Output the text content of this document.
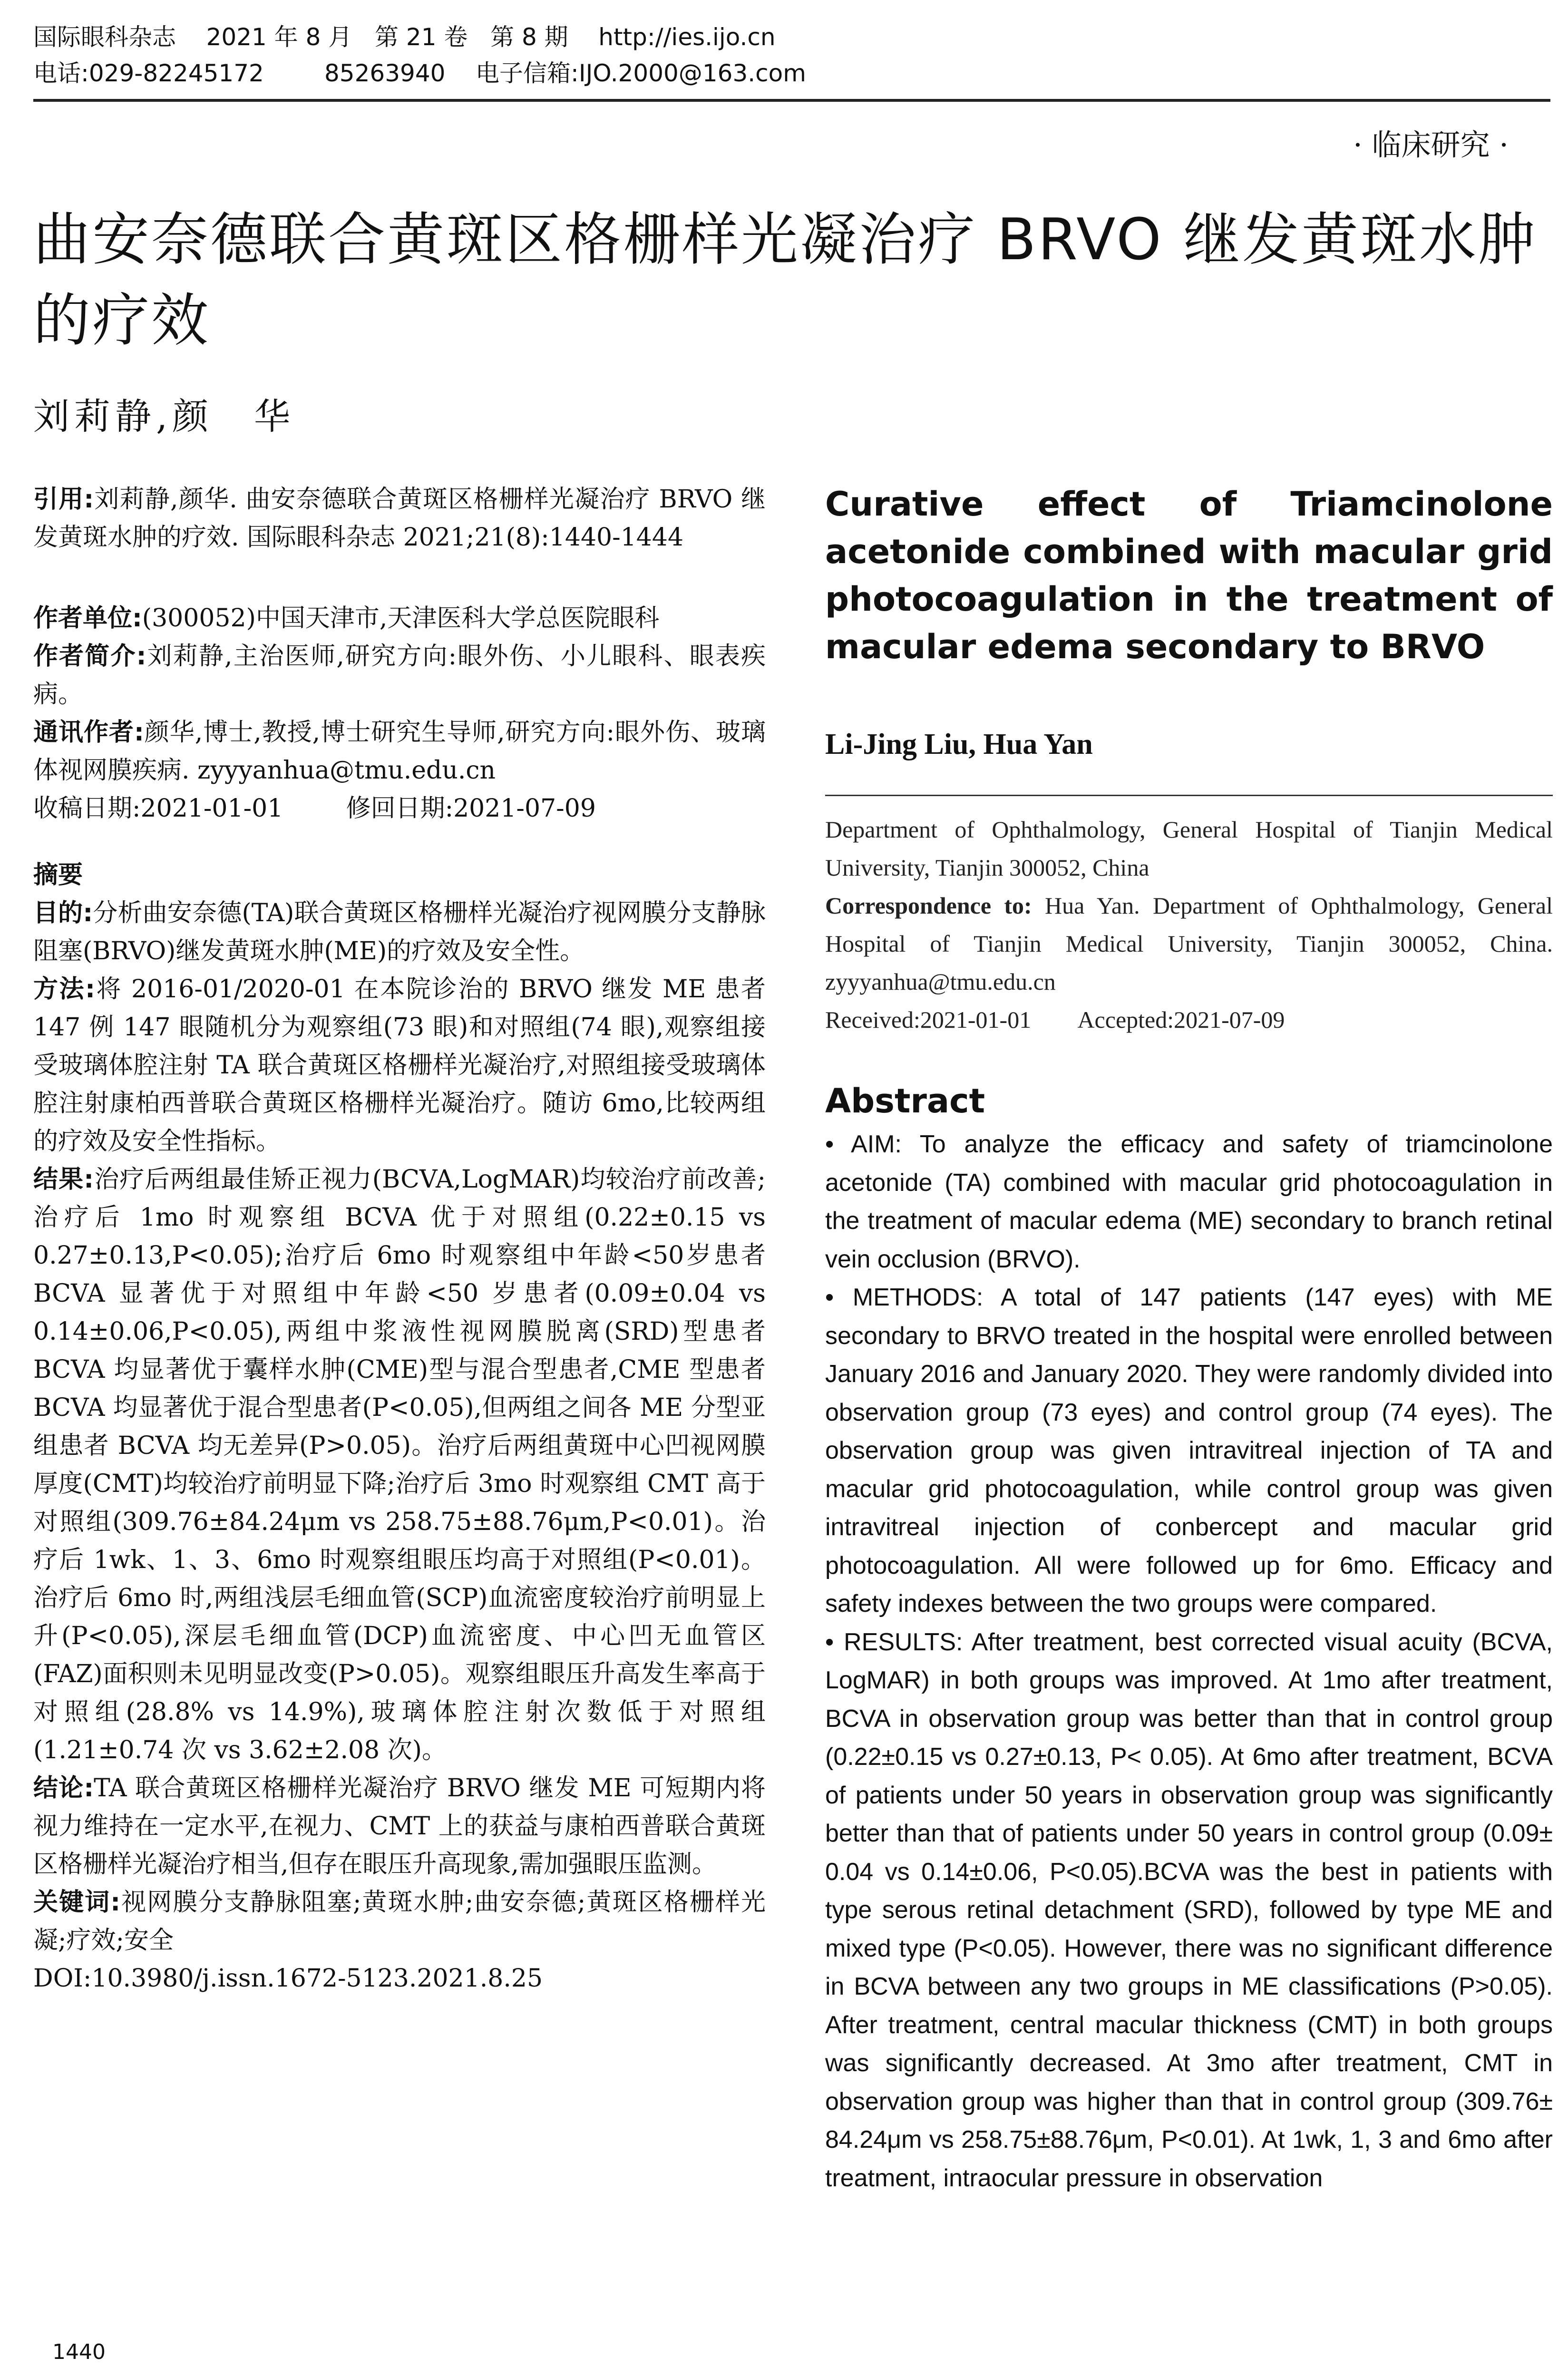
国际眼科杂志    2021 年 8 月   第 21 卷   第 8 期    http://ies.ijo.cn
电话:029-82245172        85263940    电子信箱:IJO.2000@163.com
· 临床研究 ·
曲安奈德联合黄斑区格栅样光凝治疗 BRVO 继发黄斑水肿的疗效
刘莉静,颜　华
引用:刘莉静,颜华. 曲安奈德联合黄斑区格栅样光凝治疗 BRVO 继发黄斑水肿的疗效. 国际眼科杂志 2021;21(8):1440-1444
作者单位:(300052)中国天津市,天津医科大学总医院眼科
作者简介:刘莉静,主治医师,研究方向:眼外伤、小儿眼科、眼表疾病。
通讯作者:颜华,博士,教授,博士研究生导师,研究方向:眼外伤、玻璃体视网膜疾病. zyyyanhua@tmu.edu.cn
收稿日期:2021-01-01        修回日期:2021-07-09
摘要
目的:分析曲安奈德(TA)联合黄斑区格栅样光凝治疗视网膜分支静脉阻塞(BRVO)继发黄斑水肿(ME)的疗效及安全性。
方法:将 2016-01/2020-01 在本院诊治的 BRVO 继发 ME 患者 147 例 147 眼随机分为观察组(73 眼)和对照组(74 眼),观察组接受玻璃体腔注射 TA 联合黄斑区格栅样光凝治疗,对照组接受玻璃体腔注射康柏西普联合黄斑区格栅样光凝治疗。随访 6mo,比较两组的疗效及安全性指标。
结果:治疗后两组最佳矫正视力(BCVA,LogMAR)均较治疗前改善;治疗后 1mo 时观察组 BCVA 优于对照组(0.22±0.15 vs 0.27±0.13,P<0.05);治疗后 6mo 时观察组中年龄<50岁患者 BCVA 显著优于对照组中年龄<50 岁患者(0.09±0.04 vs 0.14±0.06,P<0.05),两组中浆液性视网膜脱离(SRD)型患者 BCVA 均显著优于囊样水肿(CME)型与混合型患者,CME 型患者 BCVA 均显著优于混合型患者(P<0.05),但两组之间各 ME 分型亚组患者 BCVA 均无差异(P>0.05)。治疗后两组黄斑中心凹视网膜厚度(CMT)均较治疗前明显下降;治疗后 3mo 时观察组 CMT 高于对照组(309.76±84.24μm vs 258.75±88.76μm,P<0.01)。治疗后 1wk、1、3、6mo 时观察组眼压均高于对照组(P<0.01)。治疗后 6mo 时,两组浅层毛细血管(SCP)血流密度较治疗前明显上升(P<0.05),深层毛细血管(DCP)血流密度、中心凹无血管区(FAZ)面积则未见明显改变(P>0.05)。观察组眼压升高发生率高于对照组(28.8% vs 14.9%),玻璃体腔注射次数低于对照组(1.21±0.74 次 vs 3.62±2.08 次)。
结论:TA 联合黄斑区格栅样光凝治疗 BRVO 继发 ME 可短期内将视力维持在一定水平,在视力、CMT 上的获益与康柏西普联合黄斑区格栅样光凝治疗相当,但存在眼压升高现象,需加强眼压监测。
关键词:视网膜分支静脉阻塞;黄斑水肿;曲安奈德;黄斑区格栅样光凝;疗效;安全
DOI:10.3980/j.issn.1672-5123.2021.8.25
Curative effect of Triamcinolone acetonide combined with macular grid photocoagulation in the treatment of macular edema secondary to BRVO
Li-Jing Liu, Hua Yan
Department of Ophthalmology, General Hospital of Tianjin Medical University, Tianjin 300052, China
Correspondence to: Hua Yan. Department of Ophthalmology, General Hospital of Tianjin Medical University, Tianjin 300052, China. zyyyanhua@tmu.edu.cn
Received:2021-01-01        Accepted:2021-07-09
Abstract
• AIM: To analyze the efficacy and safety of triamcinolone acetonide (TA) combined with macular grid photocoagulation in the treatment of macular edema (ME) secondary to branch retinal vein occlusion (BRVO).
• METHODS: A total of 147 patients (147 eyes) with ME secondary to BRVO treated in the hospital were enrolled between January 2016 and January 2020. They were randomly divided into observation group (73 eyes) and control group (74 eyes). The observation group was given intravitreal injection of TA and macular grid photocoagulation, while control group was given intravitreal injection of conbercept and macular grid photocoagulation. All were followed up for 6mo. Efficacy and safety indexes between the two groups were compared.
• RESULTS: After treatment, best corrected visual acuity (BCVA, LogMAR) in both groups was improved. At 1mo after treatment, BCVA in observation group was better than that in control group (0.22±0.15 vs 0.27±0.13, P< 0.05). At 6mo after treatment, BCVA of patients under 50 years in observation group was significantly better than that of patients under 50 years in control group (0.09± 0.04 vs 0.14±0.06, P<0.05).BCVA was the best in patients with type serous retinal detachment (SRD), followed by type ME and mixed type (P<0.05). However, there was no significant difference in BCVA between any two groups in ME classifications (P>0.05). After treatment, central macular thickness (CMT) in both groups was significantly decreased. At 3mo after treatment, CMT in observation group was higher than that in control group (309.76± 84.24μm vs 258.75±88.76μm, P<0.01). At 1wk, 1, 3 and 6mo after treatment, intraocular pressure in observation
1440
